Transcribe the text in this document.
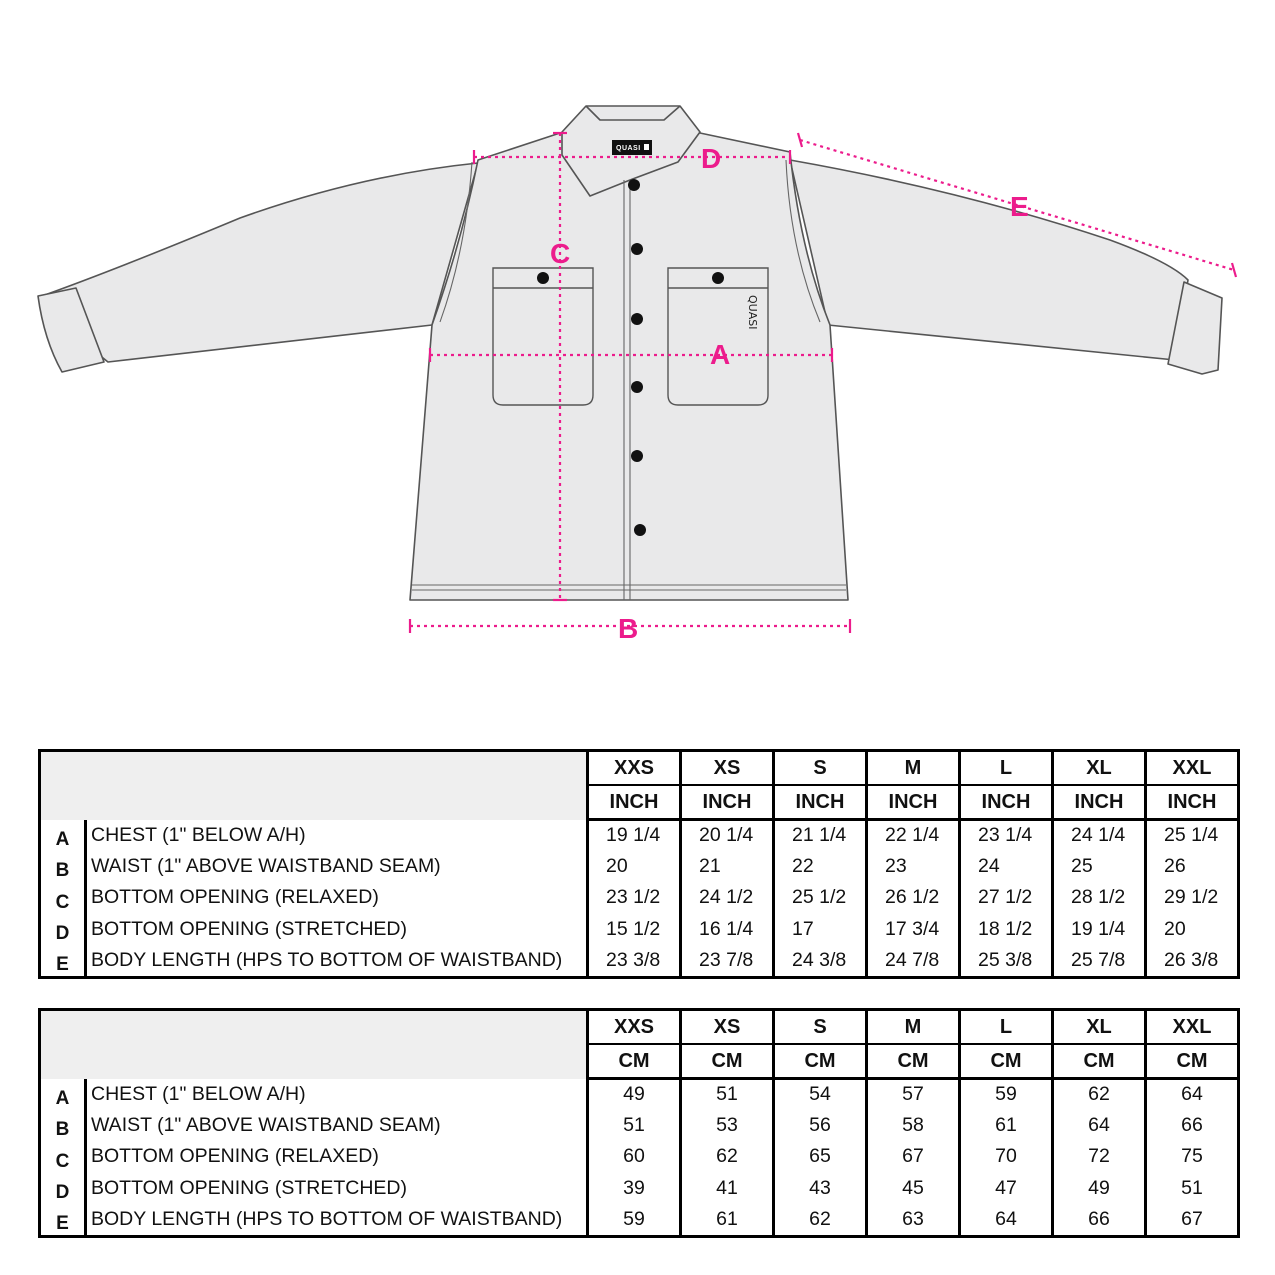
QUASI
QUASI
D
E
C
A
B
		XXS	XS	S	M	L	XL	XXL
		INCH	INCH	INCH	INCH	INCH	INCH	INCH
A	CHEST (1" BELOW A/H)	19 1/4	20 1/4	21 1/4	22 1/4	23 1/4	24 1/4	25 1/4
B	WAIST (1" ABOVE WAISTBAND SEAM)	20	21	22	23	24	25	26
C	BOTTOM OPENING (RELAXED)	23 1/2	24 1/2	25 1/2	26 1/2	27 1/2	28 1/2	29 1/2
D	BOTTOM OPENING (STRETCHED)	15 1/2	16 1/4	17	17 3/4	18 1/2	19 1/4	20
E	BODY LENGTH (HPS TO BOTTOM OF WAISTBAND)	23 3/8	23 7/8	24 3/8	24 7/8	25 3/8	25 7/8	26 3/8
		XXS	XS	S	M	L	XL	XXL
		CM	CM	CM	CM	CM	CM	CM
A	CHEST (1" BELOW A/H)	49	51	54	57	59	62	64
B	WAIST (1" ABOVE WAISTBAND SEAM)	51	53	56	58	61	64	66
C	BOTTOM OPENING (RELAXED)	60	62	65	67	70	72	75
D	BOTTOM OPENING (STRETCHED)	39	41	43	45	47	49	51
E	BODY LENGTH (HPS TO BOTTOM OF WAISTBAND)	59	61	62	63	64	66	67
